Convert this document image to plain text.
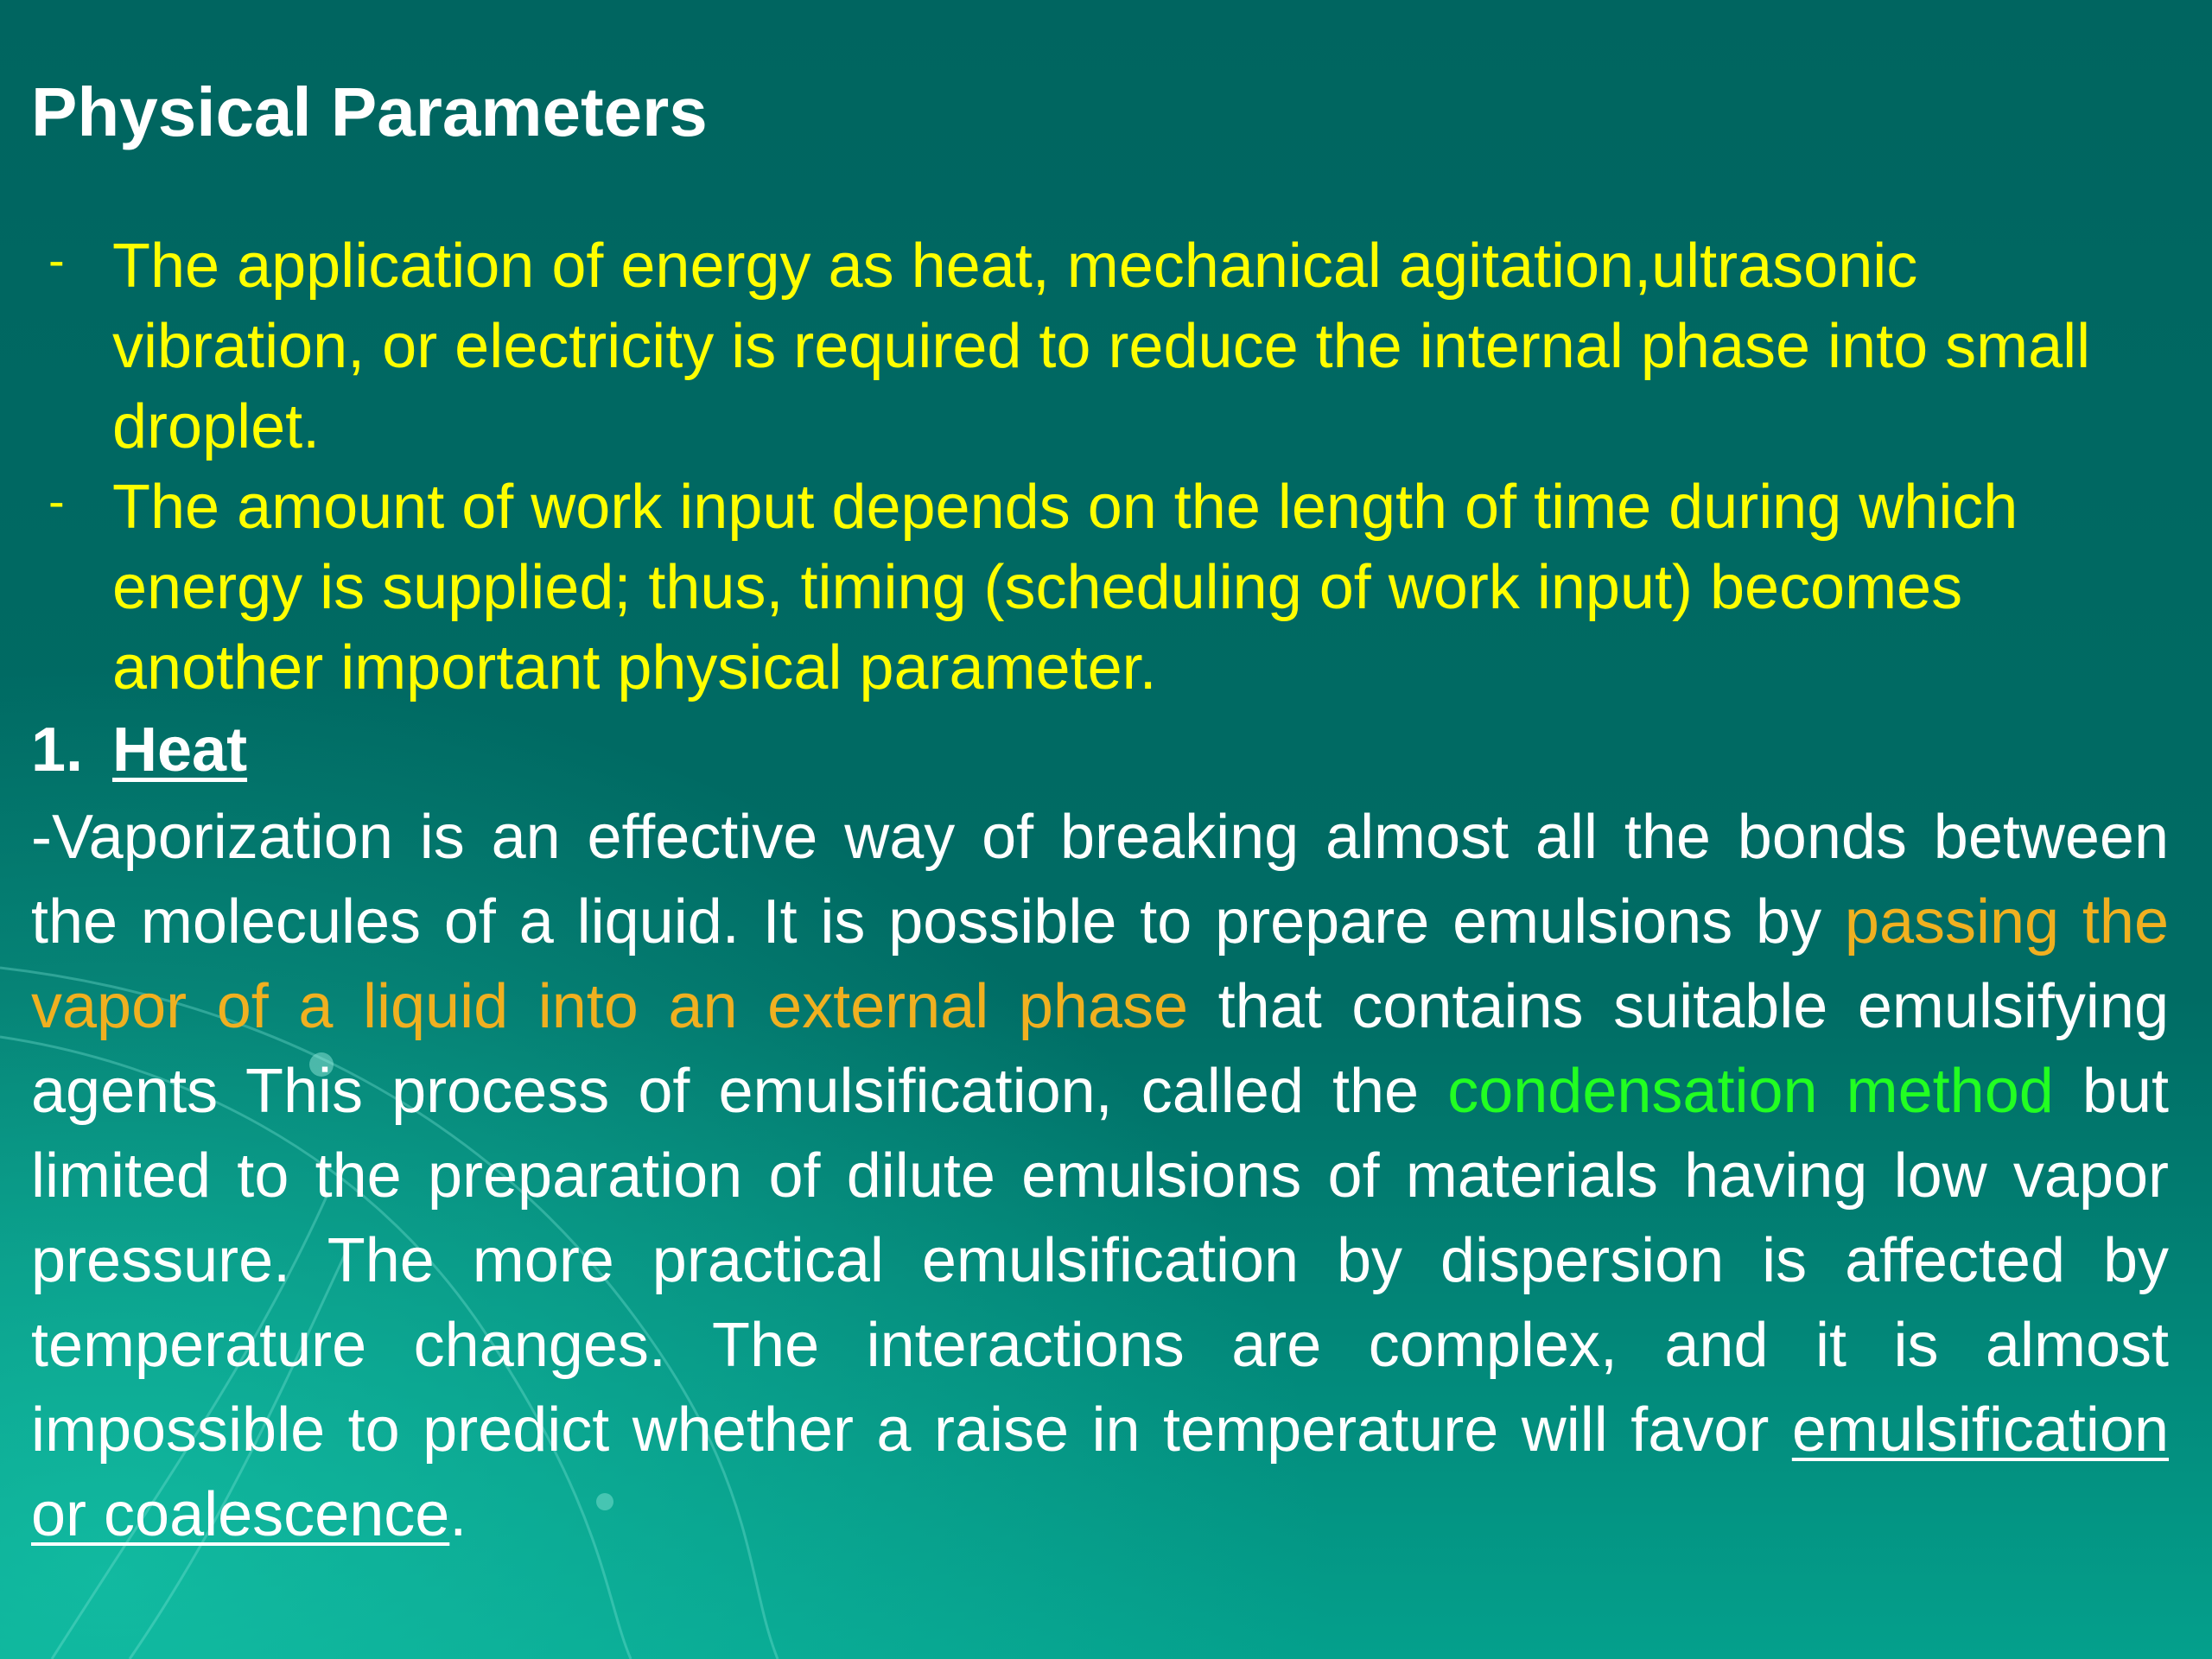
Physical Parameters
- The application of energy as heat, mechanical agitation,ultrasonic vibration, or electricity is required to reduce the internal phase into small droplet.
- The amount of work input depends on the length of time during which energy is supplied; thus, timing (scheduling of work input) becomes another important physical parameter.
1. Heat

-Vaporization is an effective way of breaking almost all the bonds between the molecules of a liquid. It is possible to prepare emulsions by passing the vapor of a liquid into an external phase that contains suitable emulsifying agents This process of emulsification, called the condensation method but limited to the preparation of dilute emulsions of materials having low vapor pressure. The more practical emulsification by dispersion is affected by temperature changes. The interactions are complex, and it is almost impossible to predict whether a raise in temperature will favor emulsification or coalescence.
